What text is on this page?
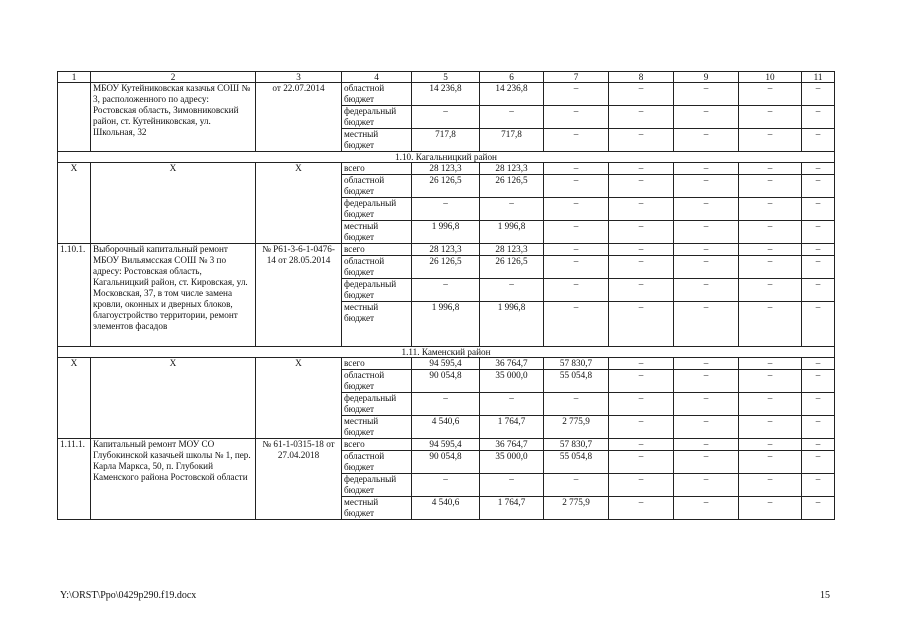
1	2	3	4	5	6	7	8	9	10	11
	МБОУ Кутейниковская казачья СОШ № 3, расположенного по адресу: Ростовская область, Зимовниковский район, ст. Кутейниковская, ул. Школьная, 32	от 22.07.2014	областной бюджет	14 236,8	14 236,8	–	–	–	–	–
			федеральный бюджет	–	–	–	–	–	–	–
			местный бюджет	717,8	717,8	–	–	–	–	–
1.10. Кагальницкий район										
Х	Х	Х	всего	28 123,3	28 123,3	–	–	–	–	–
			областной бюджет	26 126,5	26 126,5	–	–	–	–	–
			федеральный бюджет	–	–	–	–	–	–	–
			местный бюджет	1 996,8	1 996,8	–	–	–	–	–
1.10.1.	Выборочный капитальный ремонт МБОУ Вильямсская СОШ № 3 по адресу: Ростовская область, Кагальницкий район, ст. Кировская, ул. Московская, 37, в том числе замена кровли, оконных и дверных блоков, благоустройство территории, ремонт элементов фасадов	№ Р61-3-6-1-0476-14 от 28.05.2014	всего	28 123,3	28 123,3	–	–	–	–	–
			областной бюджет	26 126,5	26 126,5	–	–	–	–	–
			федеральный бюджет	–	–	–	–	–	–	–
			местный бюджет	1 996,8	1 996,8	–	–	–	–	–
1.11. Каменский район										
Х	Х	Х	всего	94 595,4	36 764,7	57 830,7	–	–	–	–
			областной бюджет	90 054,8	35 000,0	55 054,8	–	–	–	–
			федеральный бюджет	–	–	–	–	–	–	–
			местный бюджет	4 540,6	1 764,7	2 775,9	–	–	–	–
1.11.1.	Капитальный ремонт МОУ СО Глубокинской казачьей школы № 1, пер. Карла Маркса, 50, п. Глубокий Каменского района Ростовской области	№ 61-1-0315-18 от 27.04.2018	всего	94 595,4	36 764,7	57 830,7	–	–	–	–
			областной бюджет	90 054,8	35 000,0	55 054,8	–	–	–	–
			федеральный бюджет	–	–	–	–	–	–	–
			местный бюджет	4 540,6	1 764,7	2 775,9	–	–	–	–
Y:\ORST\Ppo\0429p290.f19.docx	15
